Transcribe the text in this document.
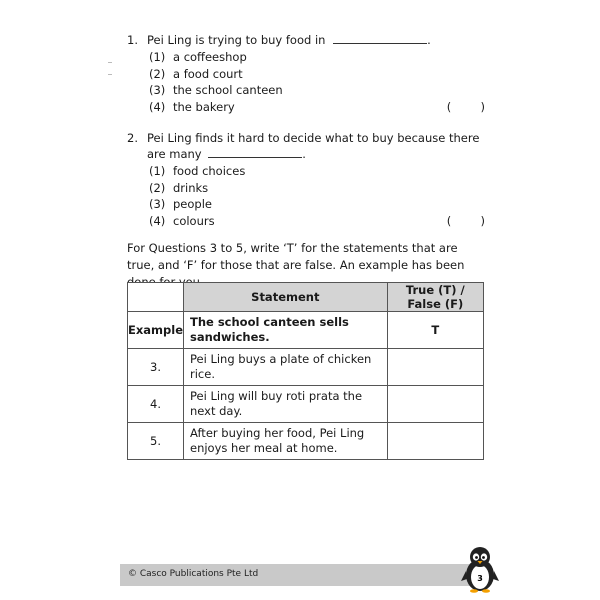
1. Pei Ling is trying to buy food in	.
(1) a coffeeshop
(2) a food court
(3) the school canteen
(4) the bakery	(        )
2. Pei Ling finds it hard to decide what to buy because there are many	.
(1) food choices
(2) drinks
(3) people
(4) colours	(        )
For Questions 3 to 5, write ‘T’ for the statements that are true, and ‘F’ for those that are false. An example has been
	Statement	True (T) / False (F)
Example	The school canteen sells sandwiches.	T
3.	Pei Ling buys a plate of chicken rice.	
4.	Pei Ling will buy roti prata the next day.	
5.	After buying her food, Pei Ling enjoys her meal at home.	
© Casco Publications Pte Ltd	3
